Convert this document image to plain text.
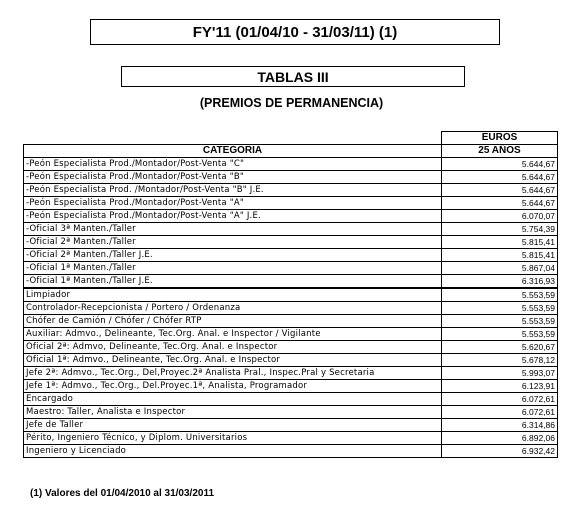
FY'11 (01/04/10 - 31/03/11) (1)
TABLAS III
(PREMIOS DE PERMANENCIA)
	EUROS
CATEGORIA	25 AÑOS
-Peón Especialista Prod./Montador/Post-Venta "C"	5.644,67
-Peón Especialista Prod./Montador/Post-Venta "B"	5.644,67
-Peón Especialista Prod. /Montador/Post-Venta "B" J.E.	5.644,67
-Peón Especialista Prod./Montador/Post-Venta "A"	5.644,67
-Peón Especialista Prod./Montador/Post-Venta "A" J.E.	6.070,07
-Oficial 3ª Manten./Taller	5.754,39
-Oficial 2ª Manten./Taller	5.815,41
-Oficial 2ª Manten./Taller J.E.	5.815,41
-Oficial 1ª Manten./Taller	5.867,04
-Oficial 1ª Manten./Taller J.E.	6.316,93
Limpiador	5.553,59
Controlador-Recepcionista / Portero / Ordenanza	5.553,59
Chófer de Camión / Chófer / Chófer RTP	5.553,59
Auxiliar: Admvo., Delineante, Tec.Org. Anal. e Inspector / Vigilante	5.553,59
Oficial 2ª: Admvo, Delineante, Tec.Org. Anal. e Inspector	5.620,67
Oficial 1ª: Admvo., Delineante, Tec.Org. Anal. e Inspector	5.678,12
Jefe 2ª: Admvo., Tec.Org., Del,Proyec.2ª Analista Pral., Inspec.Pral y Secretaria	5.993,07
Jefe 1ª: Admvo., Tec.Org., Del.Proyec.1ª, Analista, Programador	6.123,91
Encargado	6.072,61
Maestro: Taller, Analista e Inspector	6.072,61
Jefe de Taller	6.314,86
Périto, Ingeniero Técnico, y Diplom. Universitarios	6.892,06
Ingeniero y Licenciado	6.932,42
(1) Valores del 01/04/2010 al 31/03/2011
